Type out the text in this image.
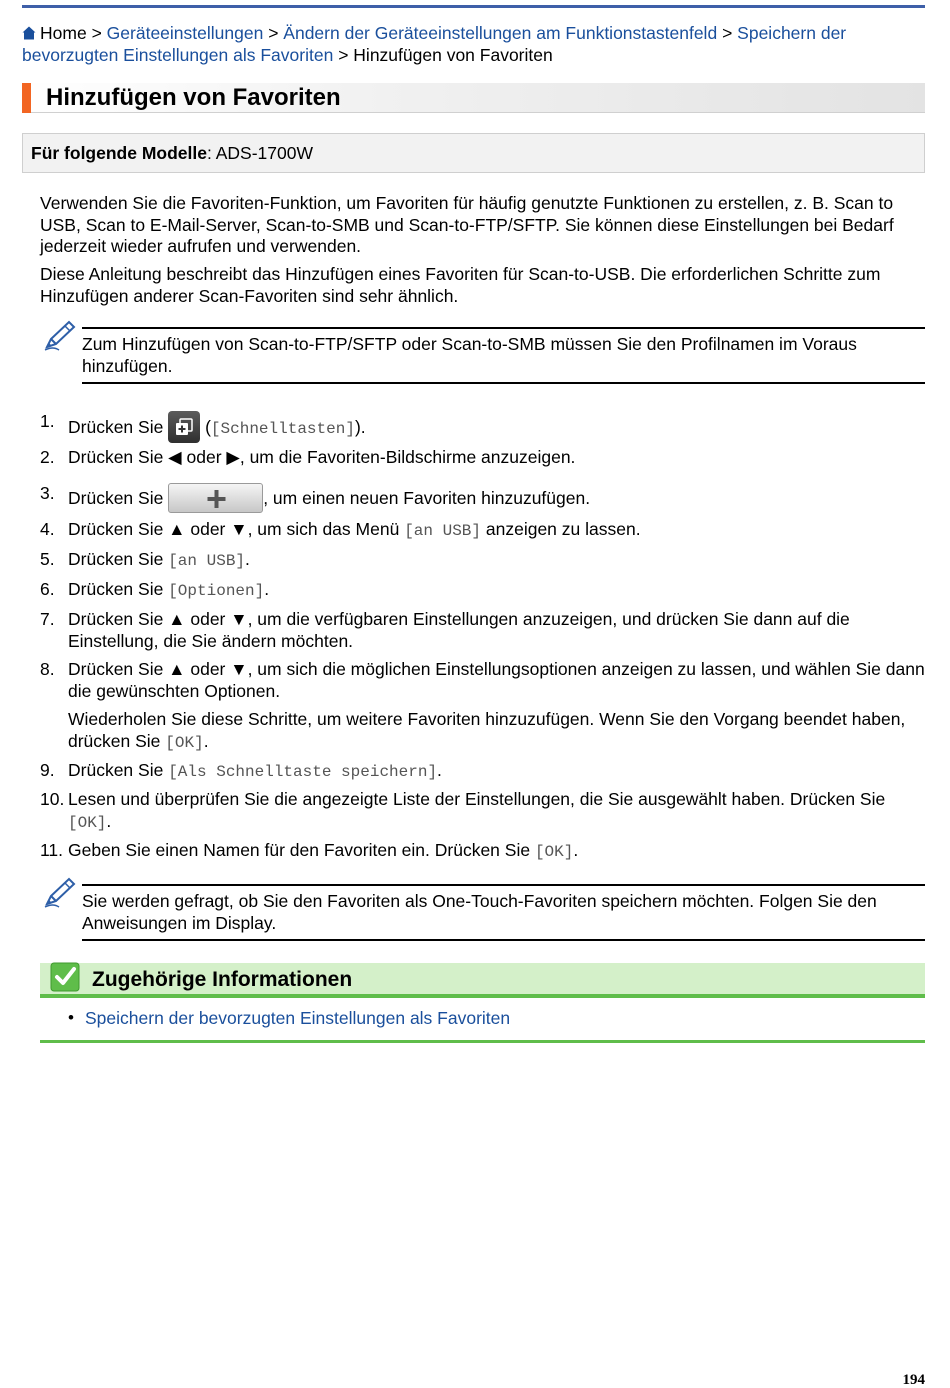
Home > Geräteeinstellungen > Ändern der Geräteeinstellungen am Funktionstastenfeld > Speichern der
bevorzugten Einstellungen als Favoriten > Hinzufügen von Favoriten
Hinzufügen von Favoriten
Für folgende Modelle: ADS-1700W
Verwenden Sie die Favoriten-Funktion, um Favoriten für häufig genutzte Funktionen zu erstellen, z. B. Scan to USB, Scan to E-Mail-Server, Scan-to-SMB und Scan-to-FTP/SFTP. Sie können diese Einstellungen bei Bedarf jederzeit wieder aufrufen und verwenden.
Diese Anleitung beschreibt das Hinzufügen eines Favoriten für Scan-to-USB. Die erforderlichen Schritte zum Hinzufügen anderer Scan-Favoriten sind sehr ähnlich.
Zum Hinzufügen von Scan-to-FTP/SFTP oder Scan-to-SMB müssen Sie den Profilnamen im Voraus hinzufügen.
1. Drücken Sie
([Schnelltasten]).
2. Drücken Sie ◀ oder ▶, um die Favoriten-Bildschirme anzuzeigen.
3. Drücken Sie	, um einen neuen Favoriten hinzuzufügen.
4. Drücken Sie ▲ oder ▼, um sich das Menü [an USB] anzeigen zu lassen.
5. Drücken Sie [an USB].
6. Drücken Sie [Optionen].
7. Drücken Sie ▲ oder ▼, um die verfügbaren Einstellungen anzuzeigen, und drücken Sie dann auf die Einstellung, die Sie ändern möchten.
8. Drücken Sie ▲ oder ▼, um sich die möglichen Einstellungsoptionen anzeigen zu lassen, und wählen Sie dann die gewünschten Optionen.
Wiederholen Sie diese Schritte, um weitere Favoriten hinzuzufügen. Wenn Sie den Vorgang beendet haben, drücken Sie [OK].
9. Drücken Sie [Als Schnelltaste speichern].
10. Lesen und überprüfen Sie die angezeigte Liste der Einstellungen, die Sie ausgewählt haben. Drücken Sie [OK].
11. Geben Sie einen Namen für den Favoriten ein. Drücken Sie [OK].
Sie werden gefragt, ob Sie den Favoriten als One-Touch-Favoriten speichern möchten. Folgen Sie den Anweisungen im Display.
Zugehörige Informationen
• Speichern der bevorzugten Einstellungen als Favoriten
194
